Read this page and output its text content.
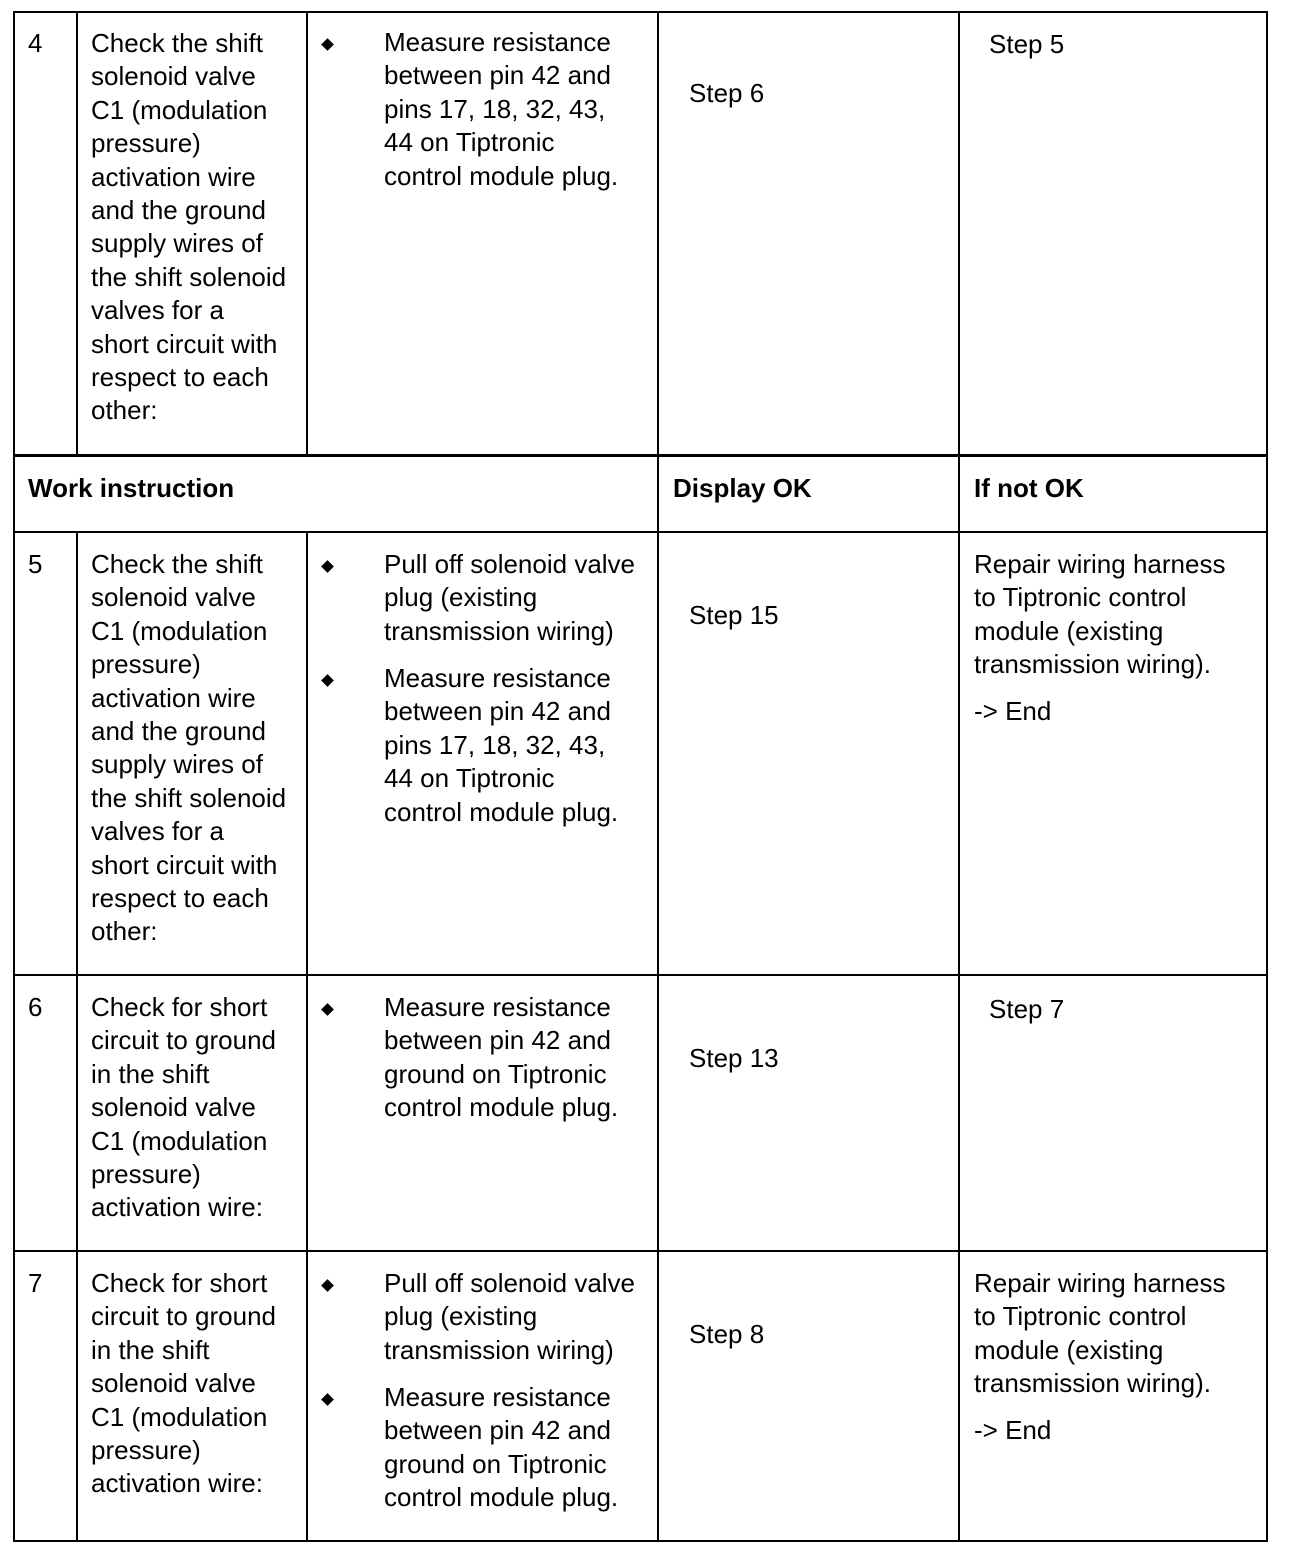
Work instruction	Display OK	If not OK
4 Check the shift
solenoid valve
C1 (modulation
pressure)
activation wire
and the ground
supply wires of
the shift solenoid
valves for a
short circuit with
respect to each
other:
Measure resistance
between pin 42 and
pins 17, 18, 32, 43,
44 on Tiptronic
control module plug.
Step 6
Step 5
5 Check the shift
solenoid valve
C1 (modulation
pressure)
activation wire
and the ground
supply wires of
the shift solenoid
valves for a
short circuit with
respect to each
other:
Pull off solenoid valve
plug (existing
transmission wiring)
Measure resistance
between pin 42 and
pins 17, 18, 32, 43,
44 on Tiptronic
control module plug.
Step 15
Repair wiring harness
to Tiptronic control
module (existing
transmission wiring).
-> End
6 Check for short
circuit to ground
in the shift
solenoid valve
C1 (modulation
pressure)
activation wire:
Measure resistance
between pin 42 and
ground on Tiptronic
control module plug.
Step 13
Step 7
7 Check for short
circuit to ground
in the shift
solenoid valve
C1 (modulation
pressure)
activation wire:
Pull off solenoid valve
plug (existing
transmission wiring)
Measure resistance
between pin 42 and
ground on Tiptronic
control module plug.
Step 8
Repair wiring harness
to Tiptronic control
module (existing
transmission wiring).
-> End
